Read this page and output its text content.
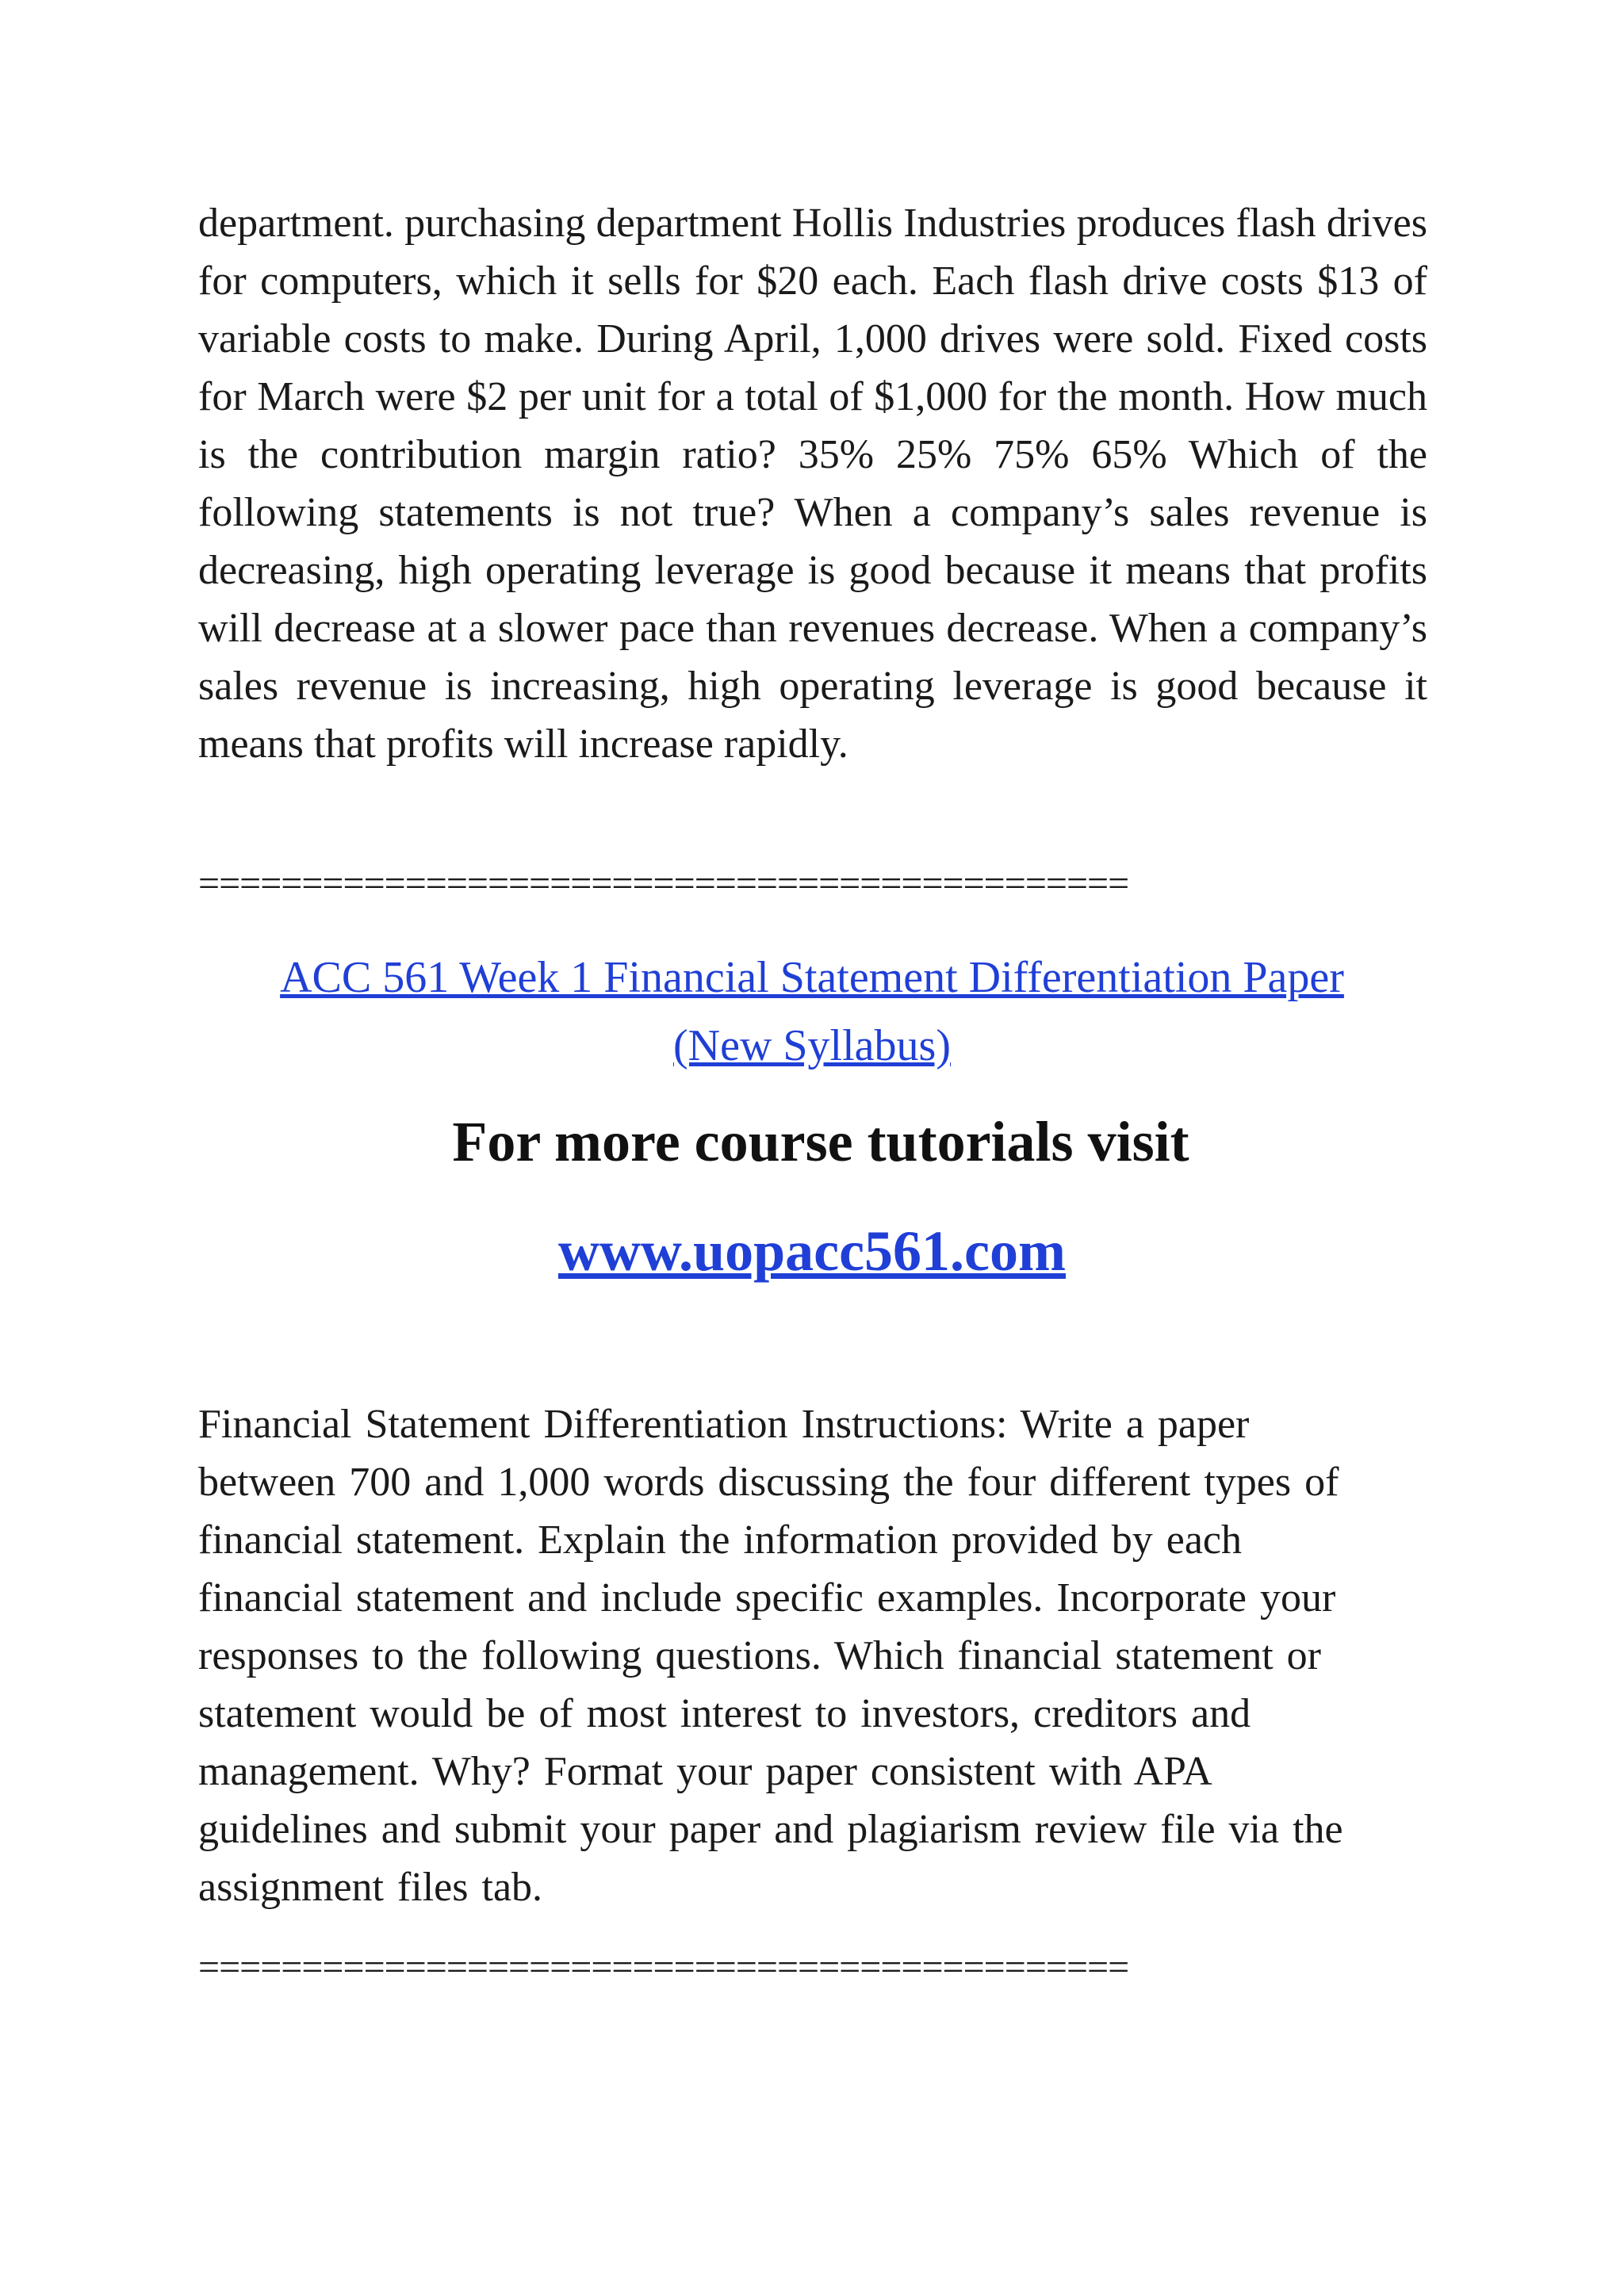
department. purchasing department Hollis Industries produces flash drives for computers, which it sells for $20 each. Each flash drive costs $13 of variable costs to make. During April, 1,000 drives were sold. Fixed costs for March were $2 per unit for a total of $1,000 for the month. How much is the contribution margin ratio? 35% 25% 75% 65% Which of the following statements is not true? When a company’s sales revenue is decreasing, high operating leverage is good because it means that profits will decrease at a slower pace than revenues decrease. When a company’s sales revenue is increasing, high operating leverage is good because it means that profits will increase rapidly.

=============================================
ACC 561 Week 1 Financial Statement Differentiation Paper
(New Syllabus)
For more course tutorials visit
www.uopacc561.com

Financial Statement Differentiation Instructions: Write a paper between 700 and 1,000 words discussing the four different types of financial statement. Explain the information provided by each financial statement and include specific examples. Incorporate your responses to the following questions. Which financial statement or statement would be of most interest to investors, creditors and management. Why? Format your paper consistent with APA guidelines and submit your paper and plagiarism review file via the assignment files tab.

=============================================
